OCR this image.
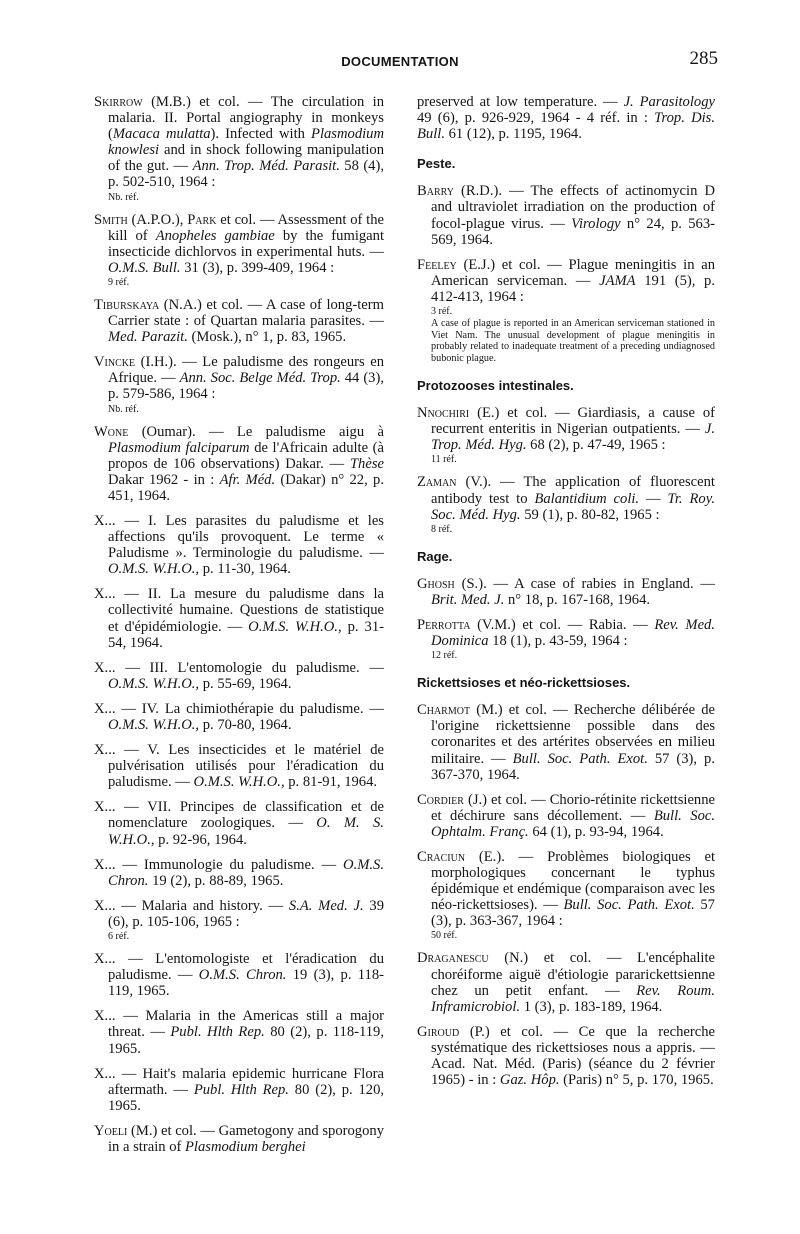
DOCUMENTATION	285

Skirrow (M.B.) et col. — The circulation in malaria. II. Portal angiography in monkeys (Macaca mulatta). Infected with Plasmodium knowlesi and in shock following manipulation of the gut. — Ann. Trop. Méd. Parasit. 58 (4), p. 502-510, 1964 :
Nb. réf.

Smith (A.P.O.), Park et col. — Assessment of the kill of Anopheles gambiae by the fumigant insecticide dichlorvos in experimental huts. — O.M.S. Bull. 31 (3), p. 399-409, 1964 :
9 réf.

Tiburskaya (N.A.) et col. — A case of long-term Carrier state : of Quartan malaria parasites. — Med. Parazit. (Mosk.), n° 1, p. 83, 1965.

Vincke (I.H.). — Le paludisme des rongeurs en Afrique. — Ann. Soc. Belge Méd. Trop. 44 (3), p. 579-586, 1964 :
Nb. réf.

Wone (Oumar). — Le paludisme aigu à Plasmodium falciparum de l'Africain adulte (à propos de 106 observations) Dakar. — Thèse Dakar 1962 - in : Afr. Méd. (Dakar) n° 22, p. 451, 1964.

X... — I. Les parasites du paludisme et les affections qu'ils provoquent. Le terme « Paludisme ». Terminologie du paludisme. — O.M.S. W.H.O., p. 11-30, 1964.

X... — II. La mesure du paludisme dans la collectivité humaine. Questions de statistique et d'épidémiologie. — O.M.S. W.H.O., p. 31-54, 1964.

X... — III. L'entomologie du paludisme. — O.M.S. W.H.O., p. 55-69, 1964.

X... — IV. La chimiothérapie du paludisme. — O.M.S. W.H.O., p. 70-80, 1964.

X... — V. Les insecticides et le matériel de pulvérisation utilisés pour l'éradication du paludisme. — O.M.S. W.H.O., p. 81-91, 1964.

X... — VII. Principes de classification et de nomenclature zoologiques. — O. M. S. W.H.O., p. 92-96, 1964.

X... — Immunologie du paludisme. — O.M.S. Chron. 19 (2), p. 88-89, 1965.

X... — Malaria and history. — S.A. Med. J. 39 (6), p. 105-106, 1965 :
6 réf.

X... — L'entomologiste et l'éradication du paludisme. — O.M.S. Chron. 19 (3), p. 118-119, 1965.

X... — Malaria in the Americas still a major threat. — Publ. Hlth Rep. 80 (2), p. 118-119, 1965.

X... — Hait's malaria epidemic hurricane Flora aftermath. — Publ. Hlth Rep. 80 (2), p. 120, 1965.

Yoeli (M.) et col. — Gametogony and sporogony in a strain of Plasmodium berghei

preserved at low temperature. — J. Parasitology 49 (6), p. 926-929, 1964 - 4 réf. in : Trop. Dis. Bull. 61 (12), p. 1195, 1964.

Peste.

Barry (R.D.). — The effects of actinomycin D and ultraviolet irradiation on the production of focol-plague virus. — Virology n° 24, p. 563-569, 1964.

Feeley (E.J.) et col. — Plague meningitis in an American serviceman. — JAMA 191 (5), p. 412-413, 1964 :
3 réf.
A case of plague is reported in an American serviceman stationed in Viet Nam. The unusual development of plague meningitis in probably related to inadequate treatment of a preceding undiagnosed bubonic plague.

Protozooses intestinales.

Nnochiri (E.) et col. — Giardiasis, a cause of recurrent enteritis in Nigerian outpatients. — J. Trop. Méd. Hyg. 68 (2), p. 47-49, 1965 :
11 réf.

Zaman (V.). — The application of fluorescent antibody test to Balantidium coli. — Tr. Roy. Soc. Méd. Hyg. 59 (1), p. 80-82, 1965 :
8 réf.

Rage.

Ghosh (S.). — A case of rabies in England. — Brit. Med. J. n° 18, p. 167-168, 1964.

Perrotta (V.M.) et col. — Rabia. — Rev. Med. Dominica 18 (1), p. 43-59, 1964 :
12 réf.

Rickettsioses et néo-rickettsioses.

Charmot (M.) et col. — Recherche délibérée de l'origine rickettsienne possible dans des coronarites et des artérites observées en milieu militaire. — Bull. Soc. Path. Exot. 57 (3), p. 367-370, 1964.

Cordier (J.) et col. — Chorio-rétinite rickettsienne et déchirure sans décollement. — Bull. Soc. Ophtalm. Franç. 64 (1), p. 93-94, 1964.

Craciun (E.). — Problèmes biologiques et morphologiques concernant le typhus épidémique et endémique (comparaison avec les néo-rickettsioses). — Bull. Soc. Path. Exot. 57 (3), p. 363-367, 1964 :
50 réf.

Draganescu (N.) et col. — L'encéphalite choréiforme aiguë d'étiologie pararickettsienne chez un petit enfant. — Rev. Roum. Inframicrobiol. 1 (3), p. 183-189, 1964.

Giroud (P.) et col. — Ce que la recherche systématique des rickettsioses nous a appris. — Acad. Nat. Méd. (Paris) (séance du 2 février 1965) - in : Gaz. Hôp. (Paris) n° 5, p. 170, 1965.
